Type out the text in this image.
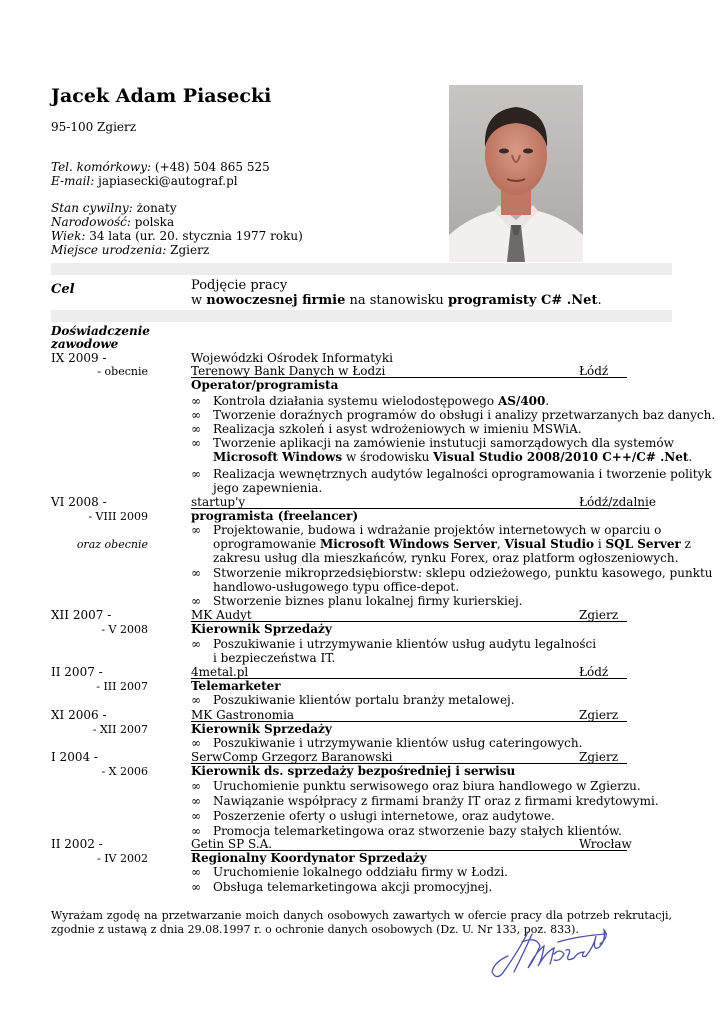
Jacek Adam Piasecki
95-100 Zgierz
Tel. komórkowy: (+48) 504 865 525
E-mail: japiasecki@autograf.pl
Stan cywilny: żonaty
Narodowość: polska
Wiek: 34 lata (ur. 20. stycznia 1977 roku)
Miejsce urodzenia: Zgierz
Cel	Podjęcie pracy
w nowoczesnej firmie na stanowisku programisty C# .Net.
Doświadczenie
zawodowe
IX 2009 -	Wojewódzki Ośrodek Informatyki
- obecnie	Terenowy Bank Danych w Łodzi	Łódź
Operator/programista
∞ Kontrola działania systemu wielodostępowego AS/400.
∞ Tworzenie doraźnych programów do obsługi i analizy przetwarzanych baz danych.
∞ Realizacja szkoleń i asyst wdrożeniowych w imieniu MSWiA.
∞ Tworzenie aplikacji na zamówienie instutucji samorządowych dla systemów
Microsoft Windows w środowisku Visual Studio 2008/2010 C++/C# .Net.
∞ Realizacja wewnętrznych audytów legalności oprogramowania i tworzenie polityk
jego zapewnienia.
VI 2008 -	startup'y	Łódź/zdalnie
- VIII 2009	programista (freelancer)
∞ Projektowanie, budowa i wdrażanie projektów internetowych w oparciu o
oraz obecnie	oprogramowanie Microsoft Windows Server, Visual Studio i SQL Server z
zakresu usług dla mieszkańców, rynku Forex, oraz platform ogłoszeniowych.
∞ Stworzenie mikroprzedsiębiorstw: sklepu odzieżowego, punktu kasowego, punktu
handlowo-usługowego typu office-depot.
∞ Stworzenie biznes planu lokalnej firmy kurierskiej.
XII 2007 -	MK Audyt	Zgierz
- V 2008	Kierownik Sprzedaży
∞ Poszukiwanie i utrzymywanie klientów usług audytu legalności
i bezpieczeństwa IT.
II 2007 -	4metal.pl	Łódź
- III 2007	Telemarketer
∞ Poszukiwanie klientów portalu branży metalowej.
XI 2006 -	MK Gastronomia	Zgierz
- XII 2007	Kierownik Sprzedaży
∞ Poszukiwanie i utrzymywanie klientów usług cateringowych.
I 2004 -	SerwComp Grzegorz Baranowski	Zgierz
- X 2006	Kierownik ds. sprzedaży bezpośredniej i serwisu
∞ Uruchomienie punktu serwisowego oraz biura handlowego w Zgierzu.
∞ Nawiązanie współpracy z firmami branży IT oraz z firmami kredytowymi.
∞ Poszerzenie oferty o usługi internetowe, oraz audytowe.
∞ Promocja telemarketingowa oraz stworzenie bazy stałych klientów.
II 2002 -	Getin SP S.A.	Wrocław
- IV 2002	Regionalny Koordynator Sprzedaży
∞ Uruchomienie lokalnego oddziału firmy w Łodzi.
∞ Obsługa telemarketingowa akcji promocyjnej.
Wyrażam zgodę na przetwarzanie moich danych osobowych zawartych w ofercie pracy dla potrzeb rekrutacji, zgodnie z ustawą z dnia 29.08.1997 r. o ochronie danych osobowych (Dz. U. Nr 133, poz. 833).
